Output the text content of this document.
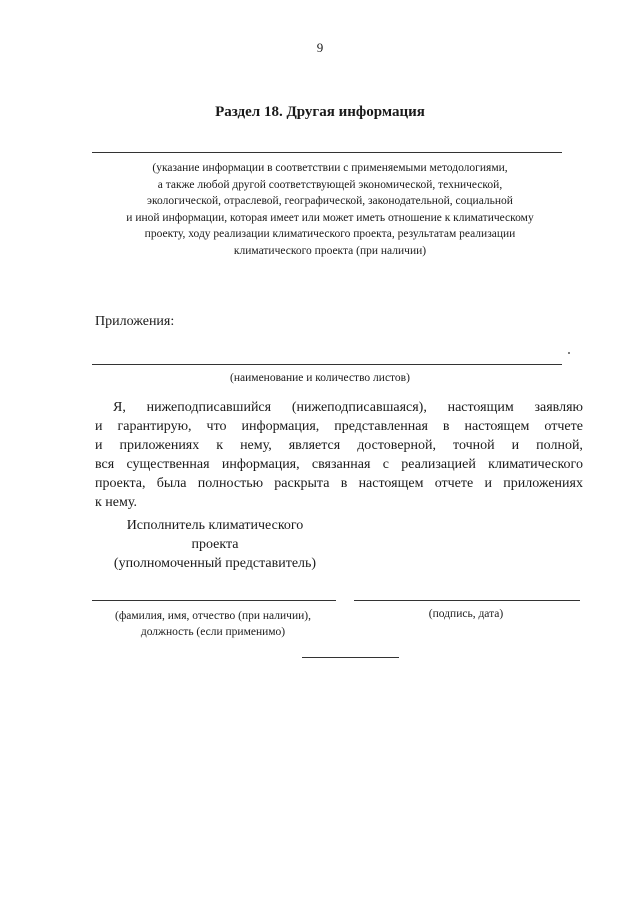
9
Раздел 18. Другая информация
(указание информации в соответствии с применяемыми методологиями,
а также любой другой соответствующей экономической, технической,
экологической, отраслевой, географической, законодательной, социальной
и иной информации, которая имеет или может иметь отношение к климатическому
проекту, ходу реализации климатического проекта, результатам реализации
климатического проекта (при наличии)
Приложения:
(наименование и количество листов)
Я, нижеподписавшийся (нижеподписавшаяся), настоящим заявляю
и гарантирую, что информация, представленная в настоящем отчете
и приложениях к нему, является достоверной, точной и полной,
вся существенная информация, связанная с реализацией климатического
проекта, была полностью раскрыта в настоящем отчете и приложениях
к нему.
Исполнитель климатического
проекта
(уполномоченный представитель)
(фамилия, имя, отчество (при наличии),
должность (если применимо)
(подпись, дата)
